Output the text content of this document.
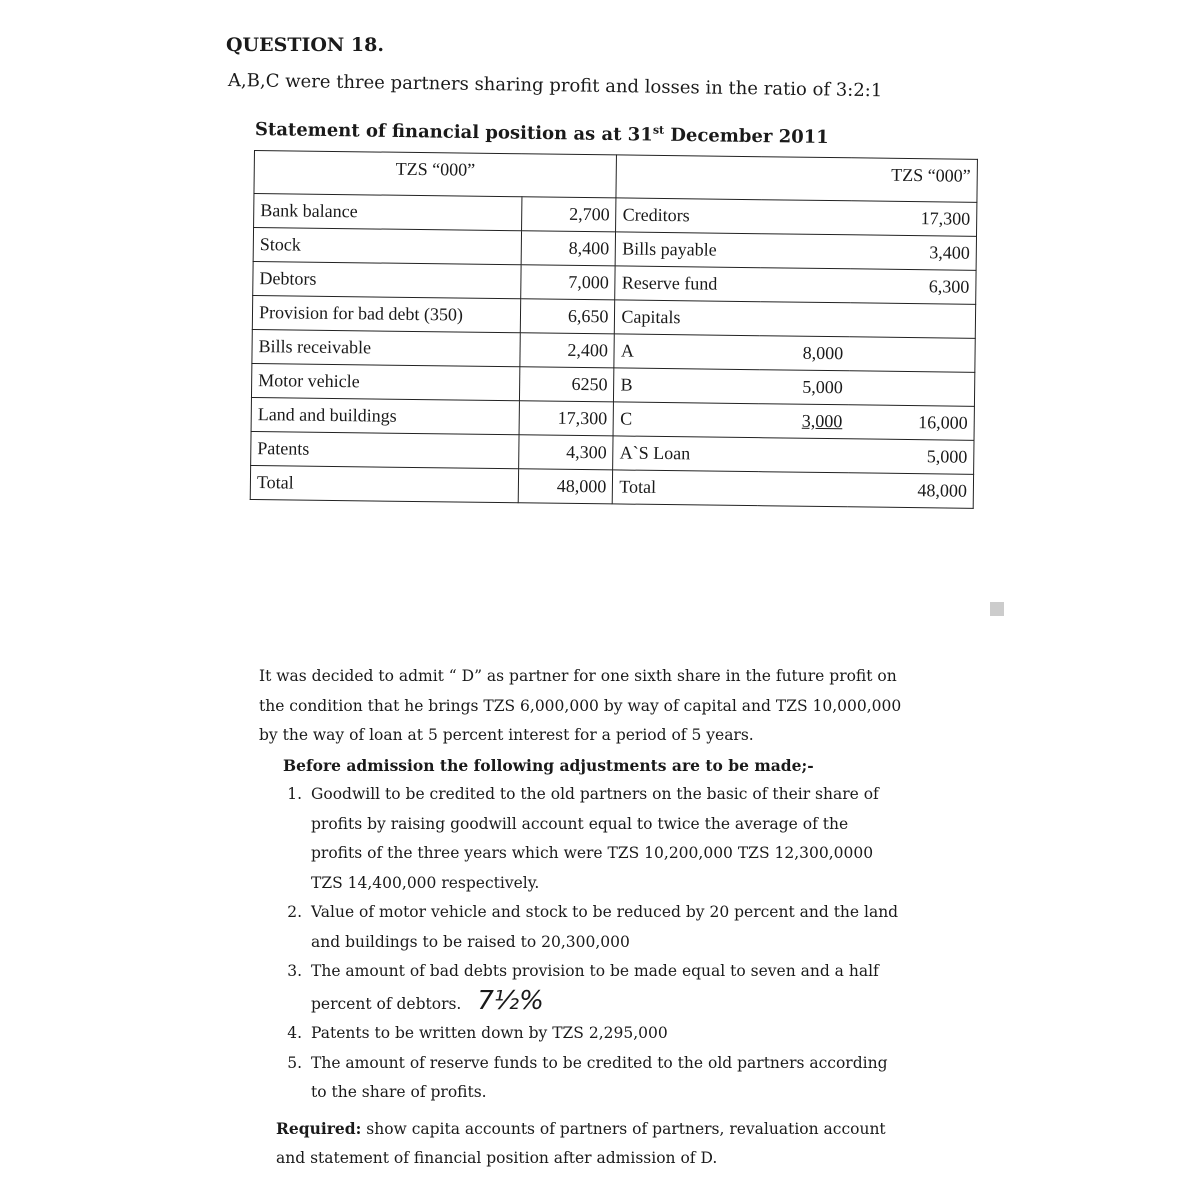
QUESTION 18.
A,B,C were three partners sharing profit and losses in the ratio of 3:2:1
Statement of financial position as at 31st December 2011
TZS “000”		TZS “000”		
Bank balance	2,700	Creditors		17,300
Stock	8,400	Bills payable		3,400
Debtors	7,000	Reserve fund		6,300
Provision for bad debt (350)	6,650	Capitals		
Bills receivable	2,400	A	8,000	
Motor vehicle	6250	B	5,000	
Land and buildings	17,300	C	3,000	16,000
Patents	4,300	A`S Loan		5,000
Total	48,000	Total		48,000

It was decided to admit “ D” as partner for one sixth share in the future profit on the condition that he brings TZS 6,000,000 by way of capital and TZS 10,000,000 by the way of loan at 5 percent interest for a period of 5 years.

Before admission the following adjustments are to be made;-

1. Goodwill to be credited to the old partners on the basic of their share of profits by raising goodwill account equal to twice the average of the profits of the three years which were TZS 10,200,000 TZS 12,300,0000 TZS 14,400,000 respectively.
2. Value of motor vehicle and stock to be reduced by 20 percent and the land and buildings to be raised to 20,300,000
3. The amount of bad debts provision to be made equal to seven and a half percent of debtors. 7½%
4. Patents to be written down by TZS 2,295,000
5. The amount of reserve funds to be credited to the old partners according to the share of profits.
Required: show capita accounts of partners of partners, revaluation account and statement of financial position after admission of D.
